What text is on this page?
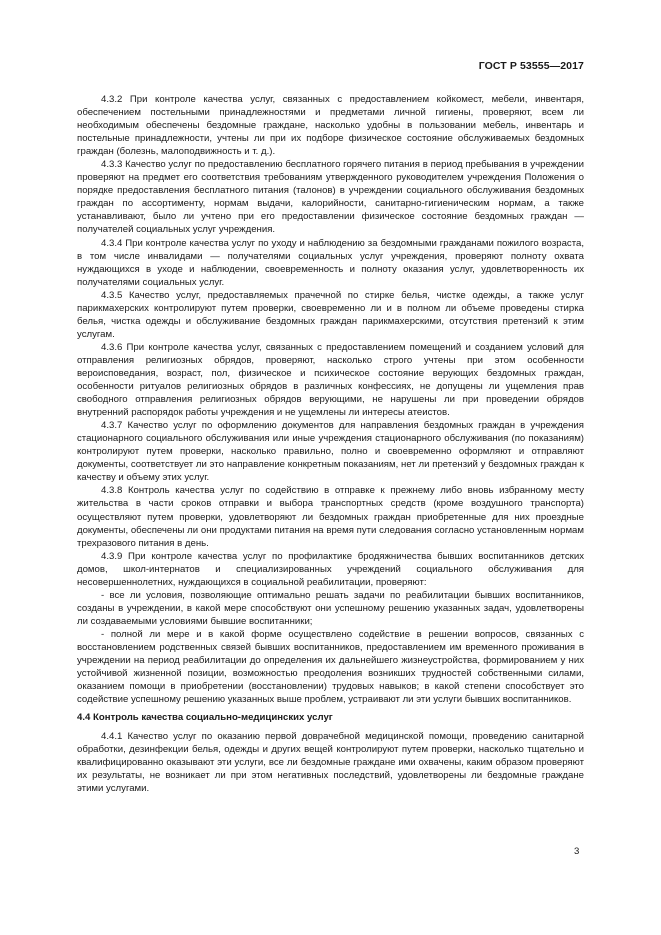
ГОСТ Р 53555—2017

4.3.2 При контроле качества услуг, связанных с предоставлением койкомест, мебели, инвентаря, обеспечением постельными принадлежностями и предметами личной гигиены, проверяют, всем ли необходимым обеспечены бездомные граждане, насколько удобны в пользовании мебель, инвентарь и постельные принадлежности, учтены ли при их подборе физическое состояние обслуживаемых бездомных граждан (болезнь, малоподвижность и т. д.).

4.3.3 Качество услуг по предоставлению бесплатного горячего питания в период пребывания в учреждении проверяют на предмет его соответствия требованиям утвержденного руководителем учреждения Положения о порядке предоставления бесплатного питания (талонов) в учреждении социального обслуживания бездомных граждан по ассортименту, нормам выдачи, калорийности, санитарно-гигиеническим нормам, а также устанавливают, было ли учтено при его предоставлении физическое состояние бездомных граждан — получателей социальных услуг учреждения.

4.3.4 При контроле качества услуг по уходу и наблюдению за бездомными гражданами пожилого возраста, в том числе инвалидами — получателями социальных услуг учреждения, проверяют полноту охвата нуждающихся в уходе и наблюдении, своевременность и полноту оказания услуг, удовлетворенность их получателями социальных услуг.

4.3.5 Качество услуг, предоставляемых прачечной по стирке белья, чистке одежды, а также услуг парикмахерских контролируют путем проверки, своевременно ли и в полном ли объеме проведены стирка белья, чистка одежды и обслуживание бездомных граждан парикмахерскими, отсутствия претензий к этим услугам.

4.3.6 При контроле качества услуг, связанных с предоставлением помещений и созданием условий для отправления религиозных обрядов, проверяют, насколько строго учтены при этом особенности вероисповедания, возраст, пол, физическое и психическое состояние верующих бездомных граждан, особенности ритуалов религиозных обрядов в различных конфессиях, не допущены ли ущемления прав свободного отправления религиозных обрядов верующими, не нарушены ли при проведении обрядов внутренний распорядок работы учреждения и не ущемлены ли интересы атеистов.

4.3.7 Качество услуг по оформлению документов для направления бездомных граждан в учреждения стационарного социального обслуживания или иные учреждения стационарного обслуживания (по показаниям) контролируют путем проверки, насколько правильно, полно и своевременно оформляют и отправляют документы, соответствует ли это направление конкретным показаниям, нет ли претензий у бездомных граждан к качеству и объему этих услуг.

4.3.8 Контроль качества услуг по содействию в отправке к прежнему либо вновь избранному месту жительства в части сроков отправки и выбора транспортных средств (кроме воздушного транспорта) осуществляют путем проверки, удовлетворяют ли бездомных граждан приобретенные для них проездные документы, обеспечены ли они продуктами питания на время пути следования согласно установленным нормам трехразового питания в день.

4.3.9 При контроле качества услуг по профилактике бродяжничества бывших воспитанников детских домов, школ-интернатов и специализированных учреждений социального обслуживания для несовершеннолетних, нуждающихся в социальной реабилитации, проверяют:

- все ли условия, позволяющие оптимально решать задачи по реабилитации бывших воспитанников, созданы в учреждении, в какой мере способствуют они успешному решению указанных задач, удовлетворены ли создаваемыми условиями бывшие воспитанники;

- полной ли мере и в какой форме осуществлено содействие в решении вопросов, связанных с восстановлением родственных связей бывших воспитанников, предоставлением им временного проживания в учреждении на период реабилитации до определения их дальнейшего жизнеустройства, формированием у них устойчивой жизненной позиции, возможностью преодоления возникших трудностей собственными силами, оказанием помощи в приобретении (восстановлении) трудовых навыков; в какой степени способствует это содействие успешному решению указанных выше проблем, устраивают ли эти услуги бывших воспитанников.

4.4 Контроль качества социально-медицинских услуг

4.4.1 Качество услуг по оказанию первой доврачебной медицинской помощи, проведению санитарной обработки, дезинфекции белья, одежды и других вещей контролируют путем проверки, насколько тщательно и квалифицированно оказывают эти услуги, все ли бездомные граждане ими охвачены, каким образом проверяют их результаты, не возникает ли при этом негативных последствий, удовлетворены ли бездомные граждане этими услугами.

3
